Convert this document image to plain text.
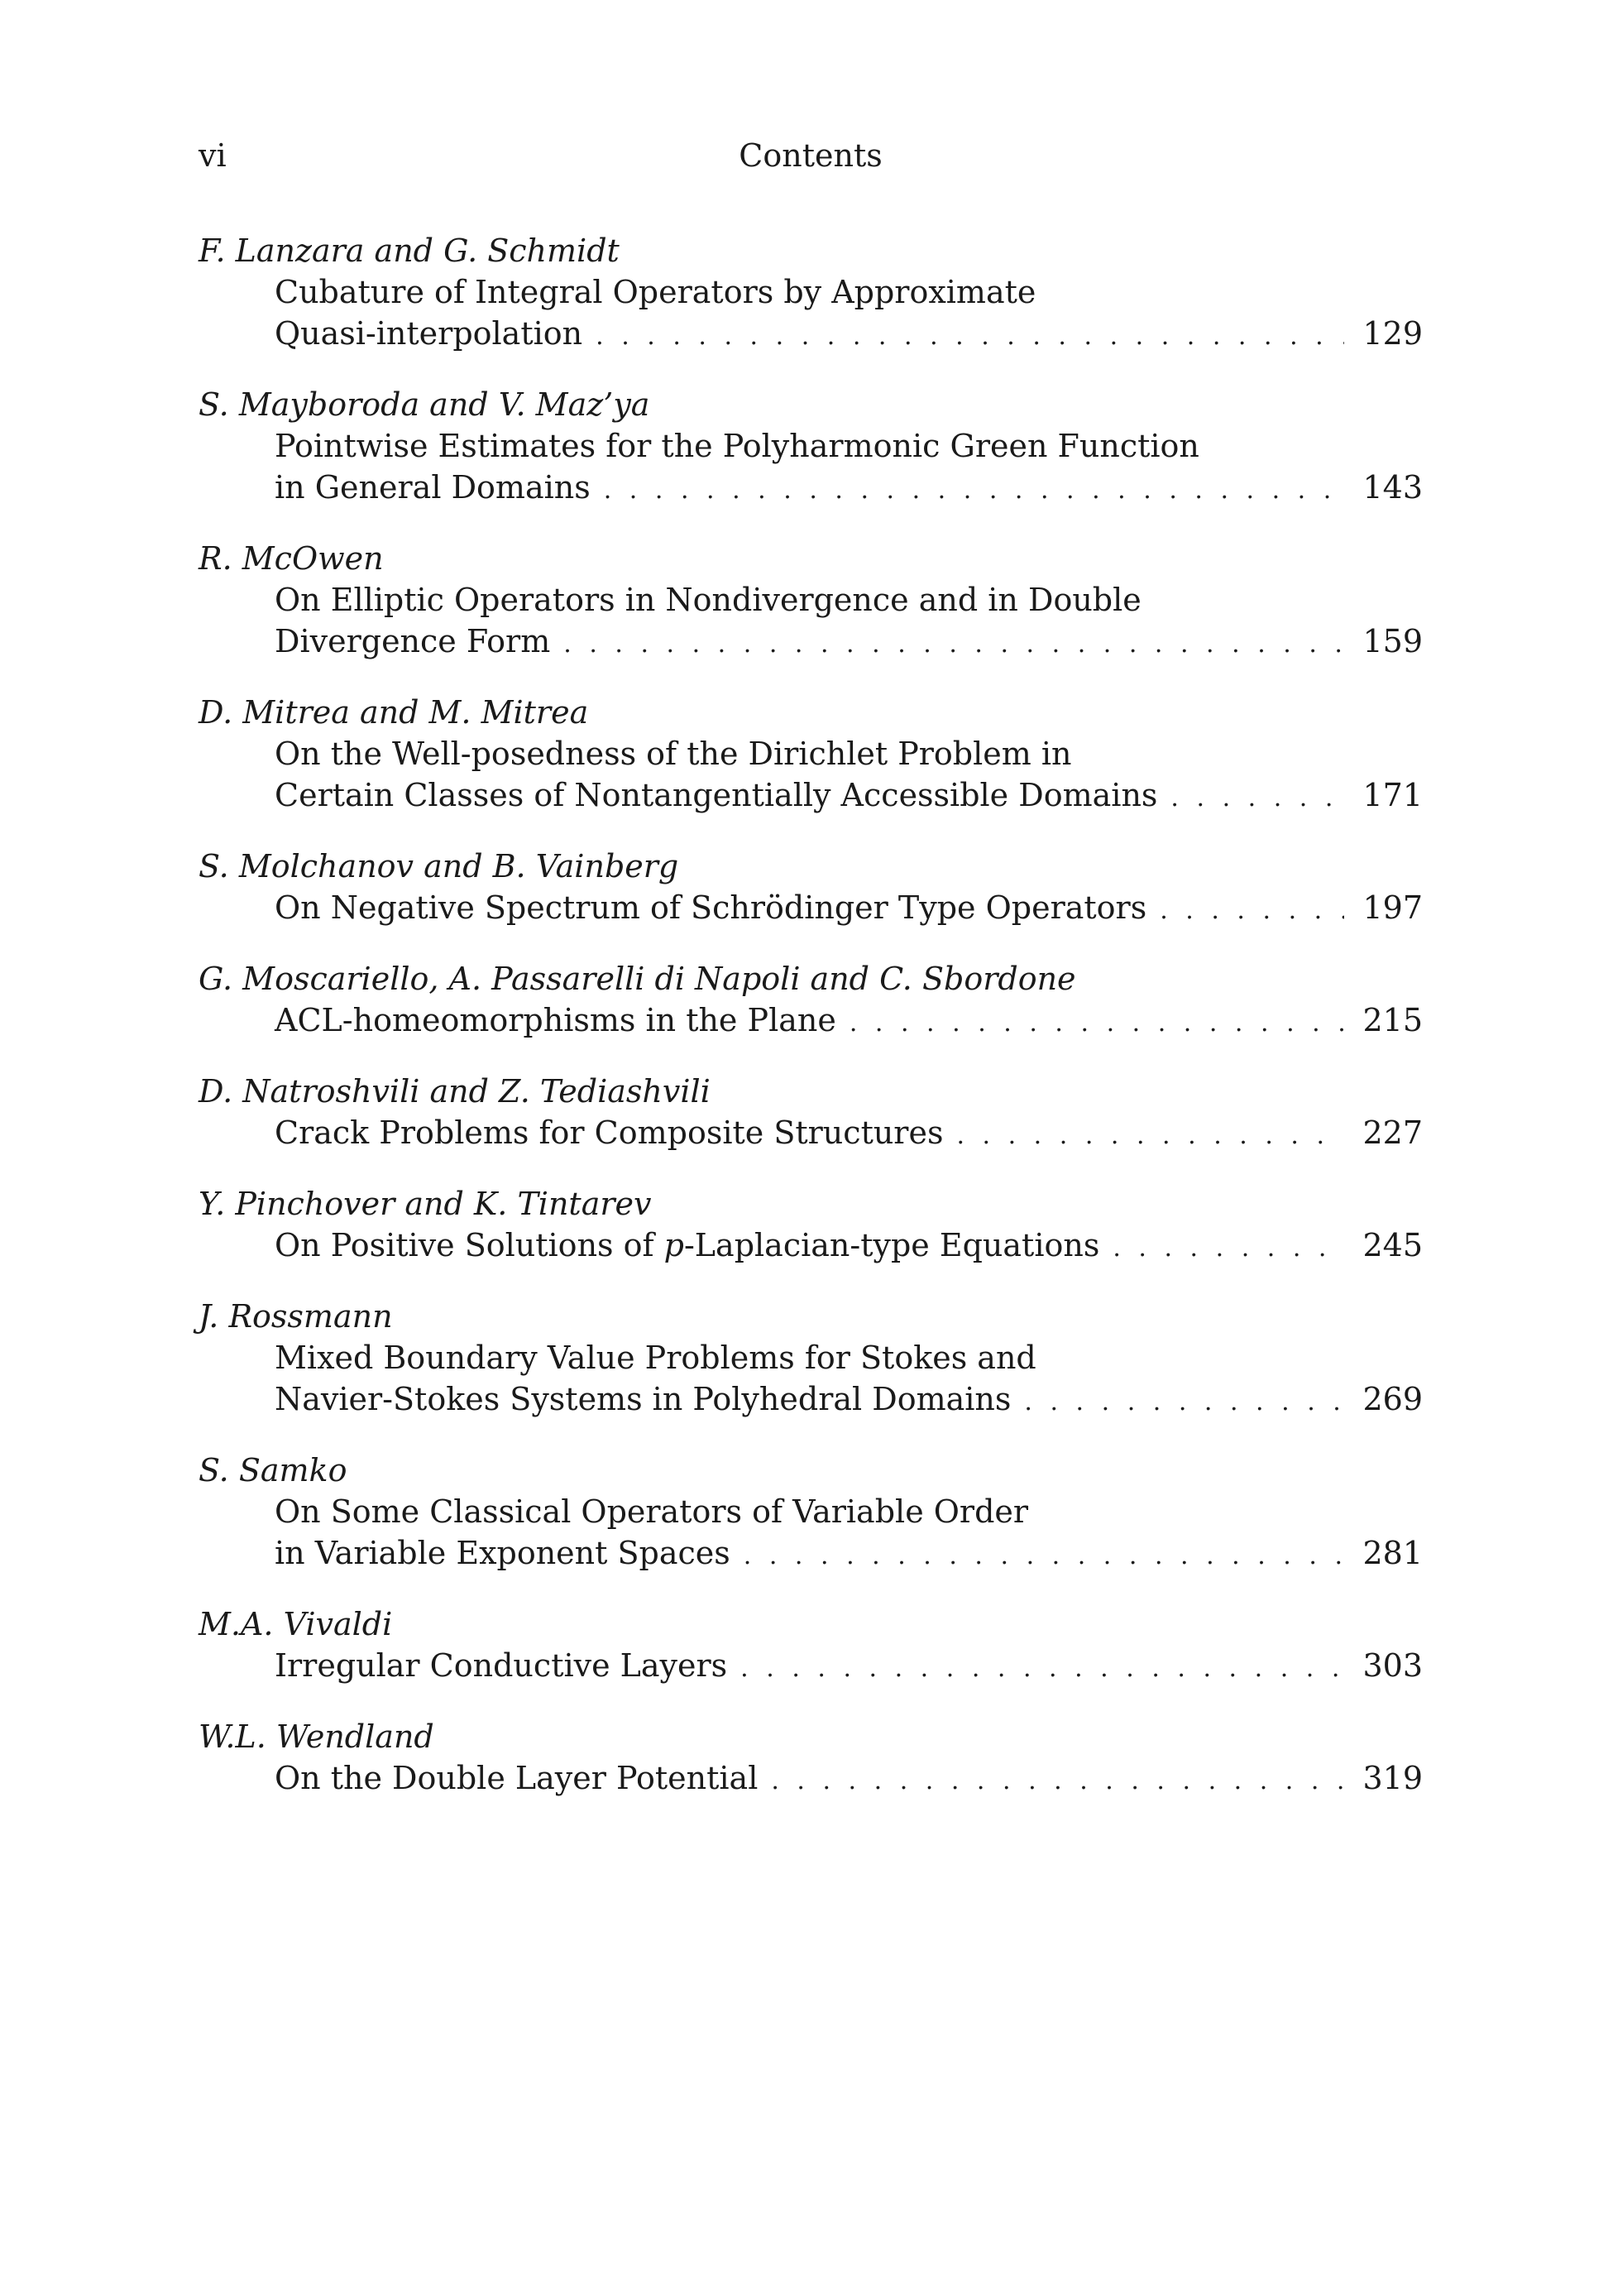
vi	Contents
F. Lanzara and G. Schmidt
Cubature of Integral Operators by Approximate
Quasi-interpolation . . .	129
S. Mayboroda and V. Maz’ya
Pointwise Estimates for the Polyharmonic Green Function
in General Domains . . .	143
R. McOwen
On Elliptic Operators in Nondivergence and in Double
Divergence Form . . .	159
D. Mitrea and M. Mitrea
On the Well-posedness of the Dirichlet Problem in
Certain Classes of Nontangentially Accessible Domains . . .	171
S. Molchanov and B. Vainberg
On Negative Spectrum of Schrödinger Type Operators . . .	197
G. Moscariello, A. Passarelli di Napoli and C. Sbordone
ACL-homeomorphisms in the Plane . . .	215
D. Natroshvili and Z. Tediashvili
Crack Problems for Composite Structures . . .	227
Y. Pinchover and K. Tintarev
On Positive Solutions of p-Laplacian-type Equations . . .	245
J. Rossmann
Mixed Boundary Value Problems for Stokes and
Navier-Stokes Systems in Polyhedral Domains . . .	269
S. Samko
On Some Classical Operators of Variable Order
in Variable Exponent Spaces . . .	281
M.A. Vivaldi
Irregular Conductive Layers . . .	303
W.L. Wendland
On the Double Layer Potential . . .	319
